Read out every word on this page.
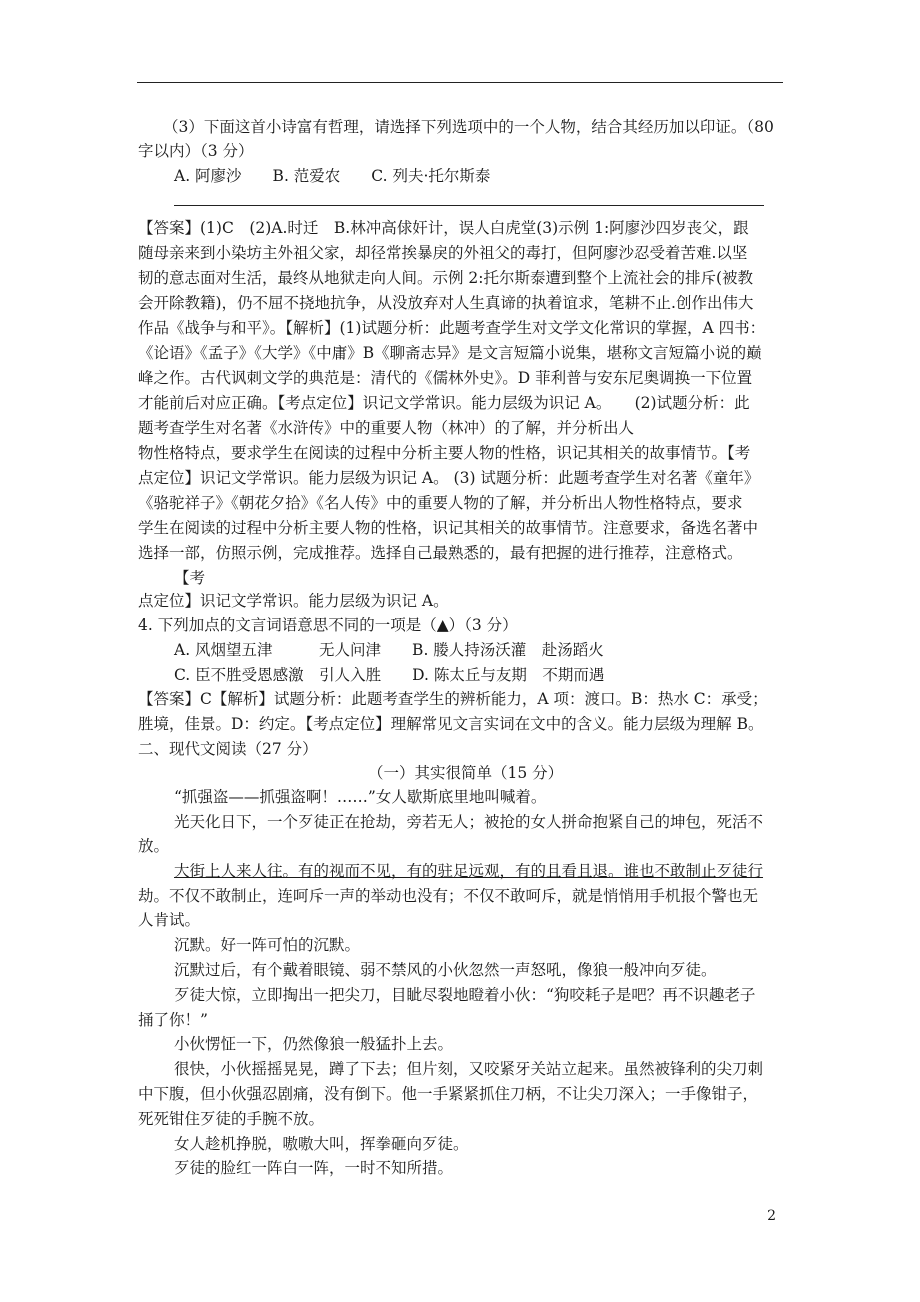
（3）下面这首小诗富有哲理，请选择下列选项中的一个人物，结合其经历加以印证。（80
字以内）（3 分）
A. 阿廖沙　　B. 范爱农　　C. 列夫·托尔斯泰
【答案】(1)C　(2)A.时迁　B.林冲高俅奸计，误人白虎堂(3)示例 1:阿廖沙四岁丧父，跟
随母亲来到小染坊主外祖父家，却径常挨暴戾的外祖父的毒打，但阿廖沙忍受着苦难.以坚
韧的意志面对生活，最终从地狱走向人间。示例 2:托尔斯泰遭到整个上流社会的排斥(被教
会开除教籍)，仍不屈不挠地抗争，从没放弃对人生真谛的执着谊求，笔耕不止.创作出伟大
作品《战争与和平》。【解析】(1)试题分析：此题考查学生对文学文化常识的掌握，A 四书：
《论语》《孟子》《大学》《中庸》B《聊斋志异》是文言短篇小说集，堪称文言短篇小说的巅
峰之作。古代讽刺文学的典范是：清代的《儒林外史》。D 菲利普与安东尼奥调换一下位置
才能前后对应正确。【考点定位】识记文学常识。能力层级为识记 A。　　(2)试题分析：此
题考查学生对名著《水浒传》中的重要人物（林冲）的了解，并分析出人
物性格特点，要求学生在阅读的过程中分析主要人物的性格，识记其相关的故事情节。【考
点定位】识记文学常识。能力层级为识记 A。 (3) 试题分析：此题考查学生对名著《童年》
《骆驼祥子》《朝花夕拾》《名人传》中的重要人物的了解，并分析出人物性格特点，要求
学生在阅读的过程中分析主要人物的性格，识记其相关的故事情节。注意要求，备选名著中
选择一部，仿照示例，完成推荐。选择自己最熟悉的，最有把握的进行推荐，注意格式。
【考
点定位】识记文学常识。能力层级为识记 A。
4. 下列加点的文言词语意思不同的一项是（▲）（3 分）
A. 风烟望五津　　　无人问津　　B. 媵人持汤沃灌　赴汤蹈火
C. 臣不胜受恩感激　引人入胜　　D. 陈太丘与友期　不期而遇
【答案】C【解析】试题分析：此题考查学生的辨析能力，A 项：渡口。B：热水 C：承受；
胜境，佳景。D：约定。【考点定位】理解常见文言实词在文中的含义。能力层级为理解 B。
二、现代文阅读（27 分）
（一）其实很简单（15 分）
“抓强盗——抓强盗啊！……”女人歇斯底里地叫喊着。
光天化日下，一个歹徒正在抢劫，旁若无人；被抢的女人拼命抱紧自己的坤包，死活不
放。
大街上人来人往。有的视而不见，有的驻足远观，有的且看且退。谁也不敢制止歹徒行
劫。不仅不敢制止，连呵斥一声的举动也没有；不仅不敢呵斥，就是悄悄用手机报个警也无
人肯试。
沉默。好一阵可怕的沉默。
沉默过后，有个戴着眼镜、弱不禁风的小伙忽然一声怒吼，像狼一般冲向歹徒。
歹徒大惊，立即掏出一把尖刀，目眦尽裂地瞪着小伙：“狗咬耗子是吧？再不识趣老子
捅了你！”
小伙愣怔一下，仍然像狼一般猛扑上去。
很快，小伙摇摇晃晃，蹲了下去；但片刻，又咬紧牙关站立起来。虽然被锋利的尖刀刺
中下腹，但小伙强忍剧痛，没有倒下。他一手紧紧抓住刀柄，不让尖刀深入；一手像钳子，
死死钳住歹徒的手腕不放。
女人趁机挣脱，嗷嗷大叫，挥拳砸向歹徒。
歹徒的脸红一阵白一阵，一时不知所措。
2
